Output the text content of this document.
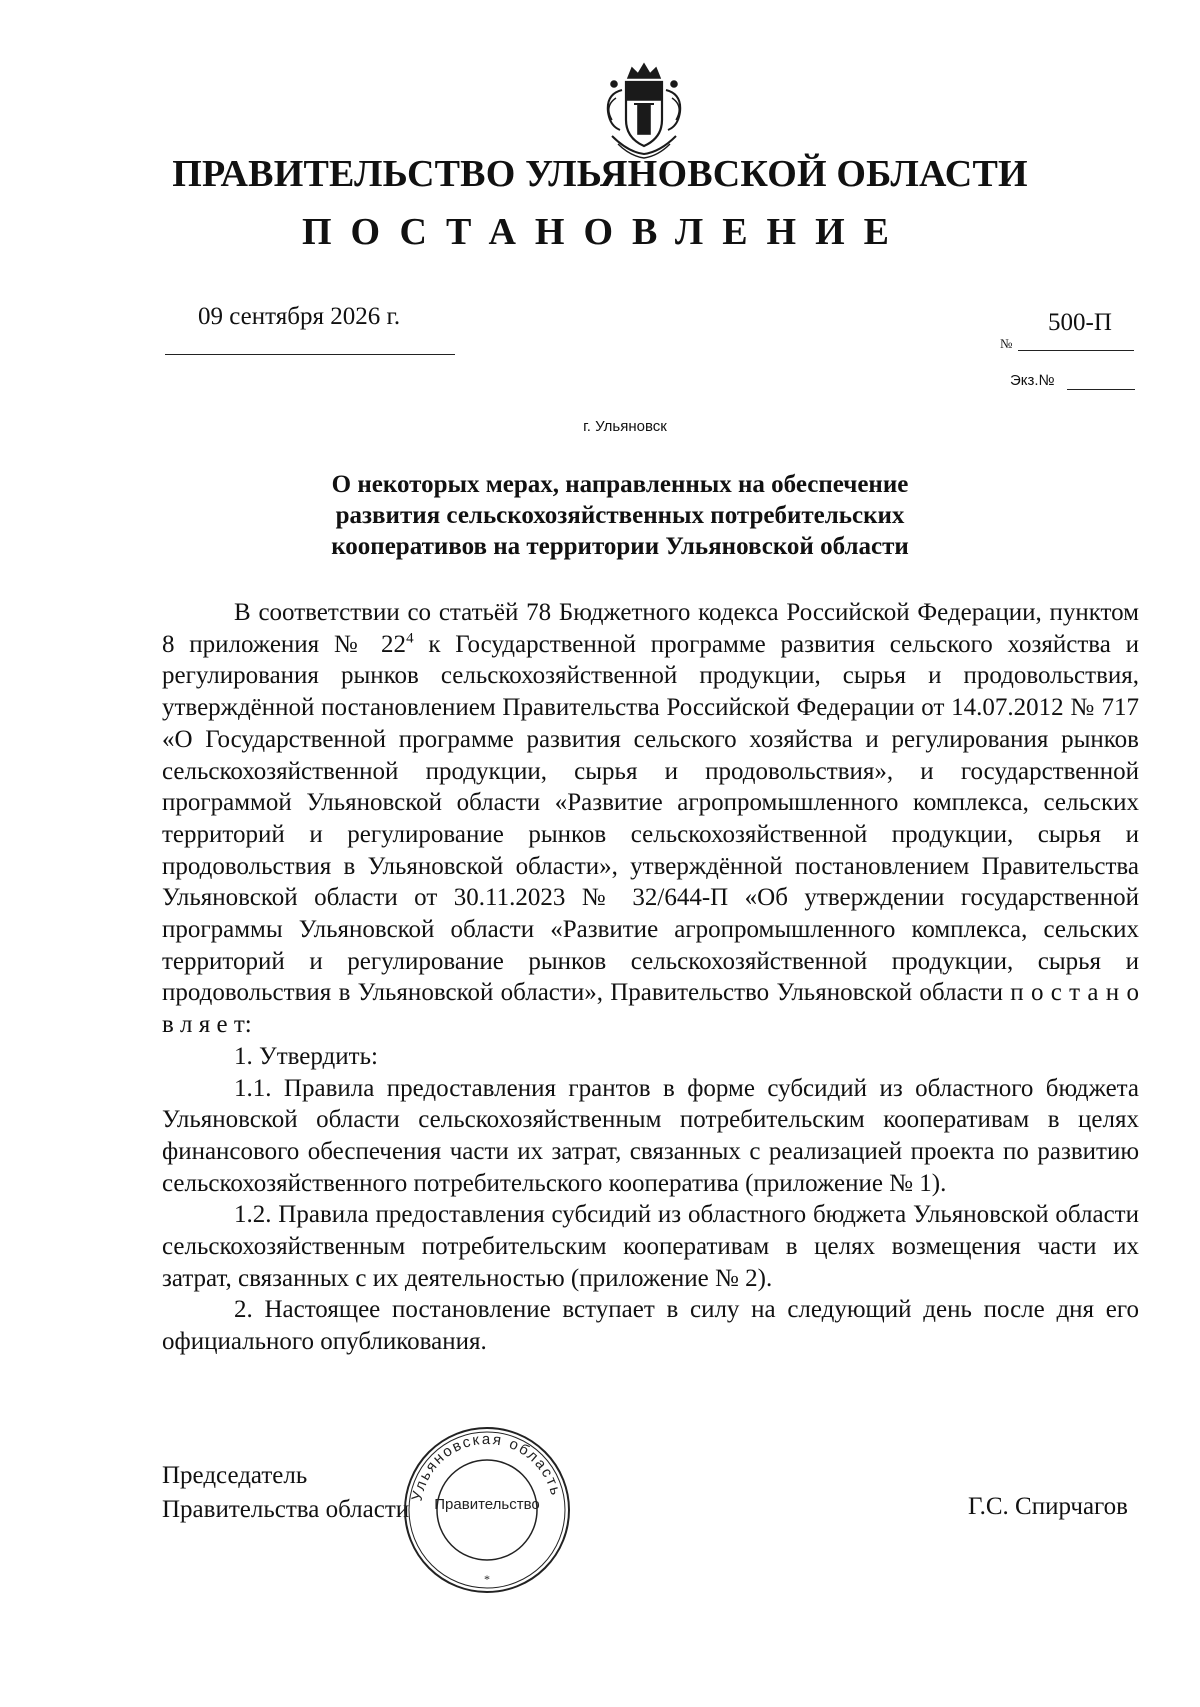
ПРАВИТЕЛЬСТВО УЛЬЯНОВСКОЙ ОБЛАСТИ
ПОСТАНОВЛЕНИЕ
09 сентября 2026 г.
№
500-П
Экз.№
г. Ульяновск
О некоторых мерах, направленных на обеспечение
развития сельскохозяйственных потребительских
кооперативов на территории Ульяновской области

В соответствии со статьёй 78 Бюджетного кодекса Российской Федерации, пунктом 8 приложения № $22^4$ к Государственной программе развития сельского хозяйства и регулирования рынков сельскохозяйственной продукции, сырья и продовольствия, утверждённой постановлением Правительства Российской Федерации от 14.07.2012 № 717 «О Государственной программе развития сельского хозяйства и регулирования рынков сельскохозяйственной продукции, сырья и продовольствия», и государственной программой Ульяновской области «Развитие агропромышленного комплекса, сельских территорий и регулирование рынков сельскохозяйственной продукции, сырья и продовольствия в Ульяновской области», утверждённой постановлением Правительства Ульяновской области от 30.11.2023 № 32/644-П «Об утверждении государственной программы Ульяновской области «Развитие агропромышленного комплекса, сельских территорий и регулирование рынков сельскохозяйственной продукции, сырья и продовольствия в Ульяновской области», Правительство Ульяновской области п о с т а н о в л я е т:

1. Утвердить:

1.1. Правила предоставления грантов в форме субсидий из областного бюджета Ульяновской области сельскохозяйственным потребительским кооперативам в целях финансового обеспечения части их затрат, связанных с реализацией проекта по развитию сельскохозяйственного потребительского кооператива (приложение № 1).

1.2. Правила предоставления субсидий из областного бюджета Ульяновской области сельскохозяйственным потребительским кооперативам в целях возмещения части их затрат, связанных с их деятельностью (приложение № 2).

2. Настоящее постановление вступает в силу на следующий день после дня его официального опубликования.

Председатель
Правительства области
Ульяновская область
*
Правительство	Г.С. Спирчагов
